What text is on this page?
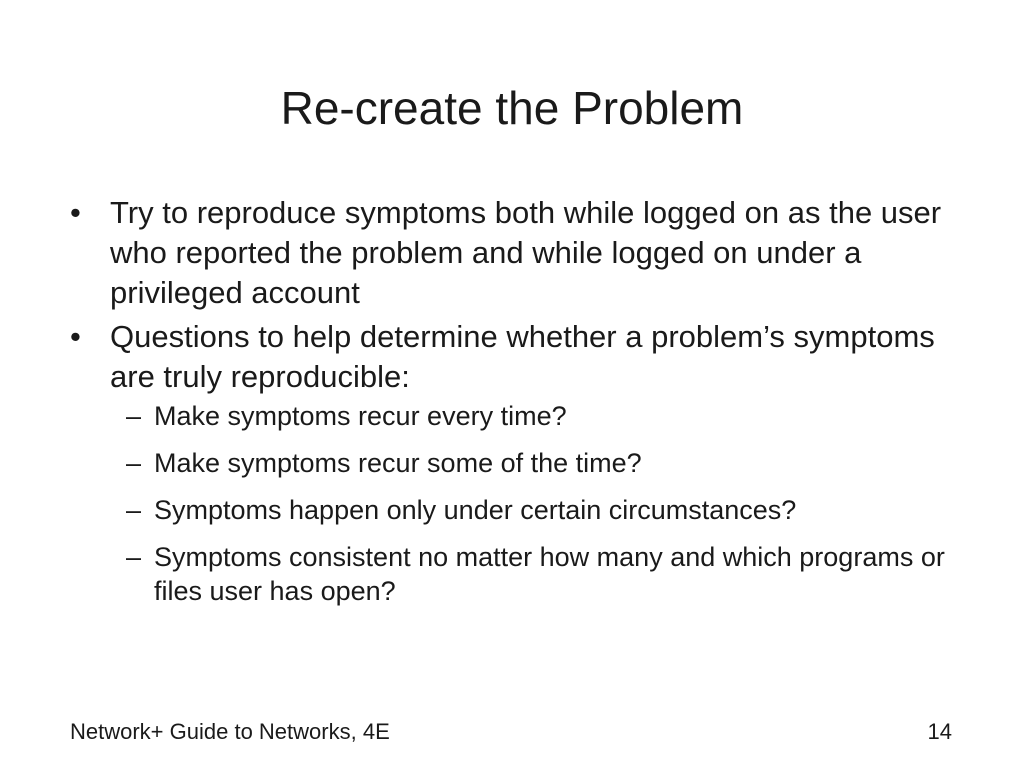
Re-create the Problem
• Try to reproduce symptoms both while logged on as the user who reported the problem and while logged on under a privileged account
• Questions to help determine whether a problem’s symptoms are truly reproducible:
– Make symptoms recur every time?
– Make symptoms recur some of the time?
– Symptoms happen only under certain circumstances?
– Symptoms consistent no matter how many and which programs or files user has open?
Network+ Guide to Networks, 4E	14
